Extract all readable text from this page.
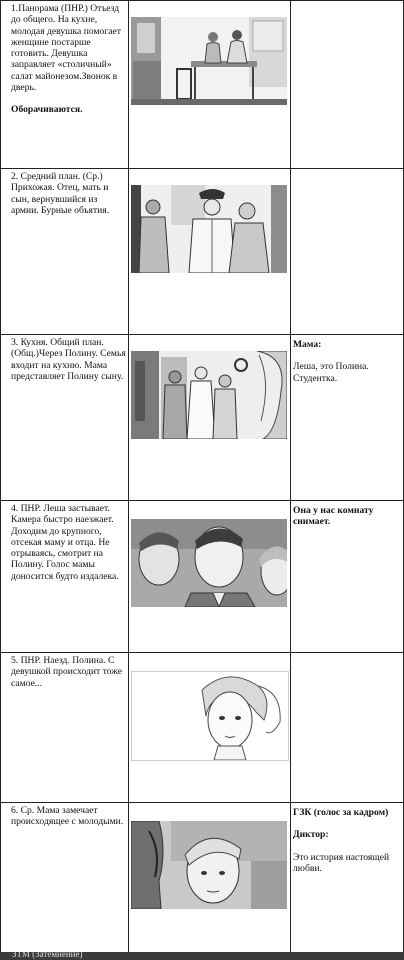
1.Панорама (ПНР.) Отъезд до общего. На кухне, молодая девушка помогает женщине постарше готовить. Девушка заправляет «столичный» салат майонезом.Звонок в дверь.
Оборачиваются.
2. Средний план. (Ср.) Прихожая. Отец, мать и сын, вернувшийся из армии. Бурные объятия.
3. Кухня. Общий план. (Общ.)Через Полину. Семья входит на кухню. Мама представляет Полину сыну.
Мама:
Леша, это Полина. Студентка.
4. ПНР. Леша застывает. Камера быстро наезжает. Доходим до крупного, отсекая маму и отца. Не отрываясь, смотрит на Полину. Голос мамы доносится будто издалека.
Она у нас комнату снимает.
5. ПНР. Наезд. Полина. С девушкой происходит тоже самое...
6. Ср. Мама замечает происходящее с молодыми.
ГЗК (голос за кадром)
Диктор:
Это история настоящей любви.
ЗТМ (Затемнение)
